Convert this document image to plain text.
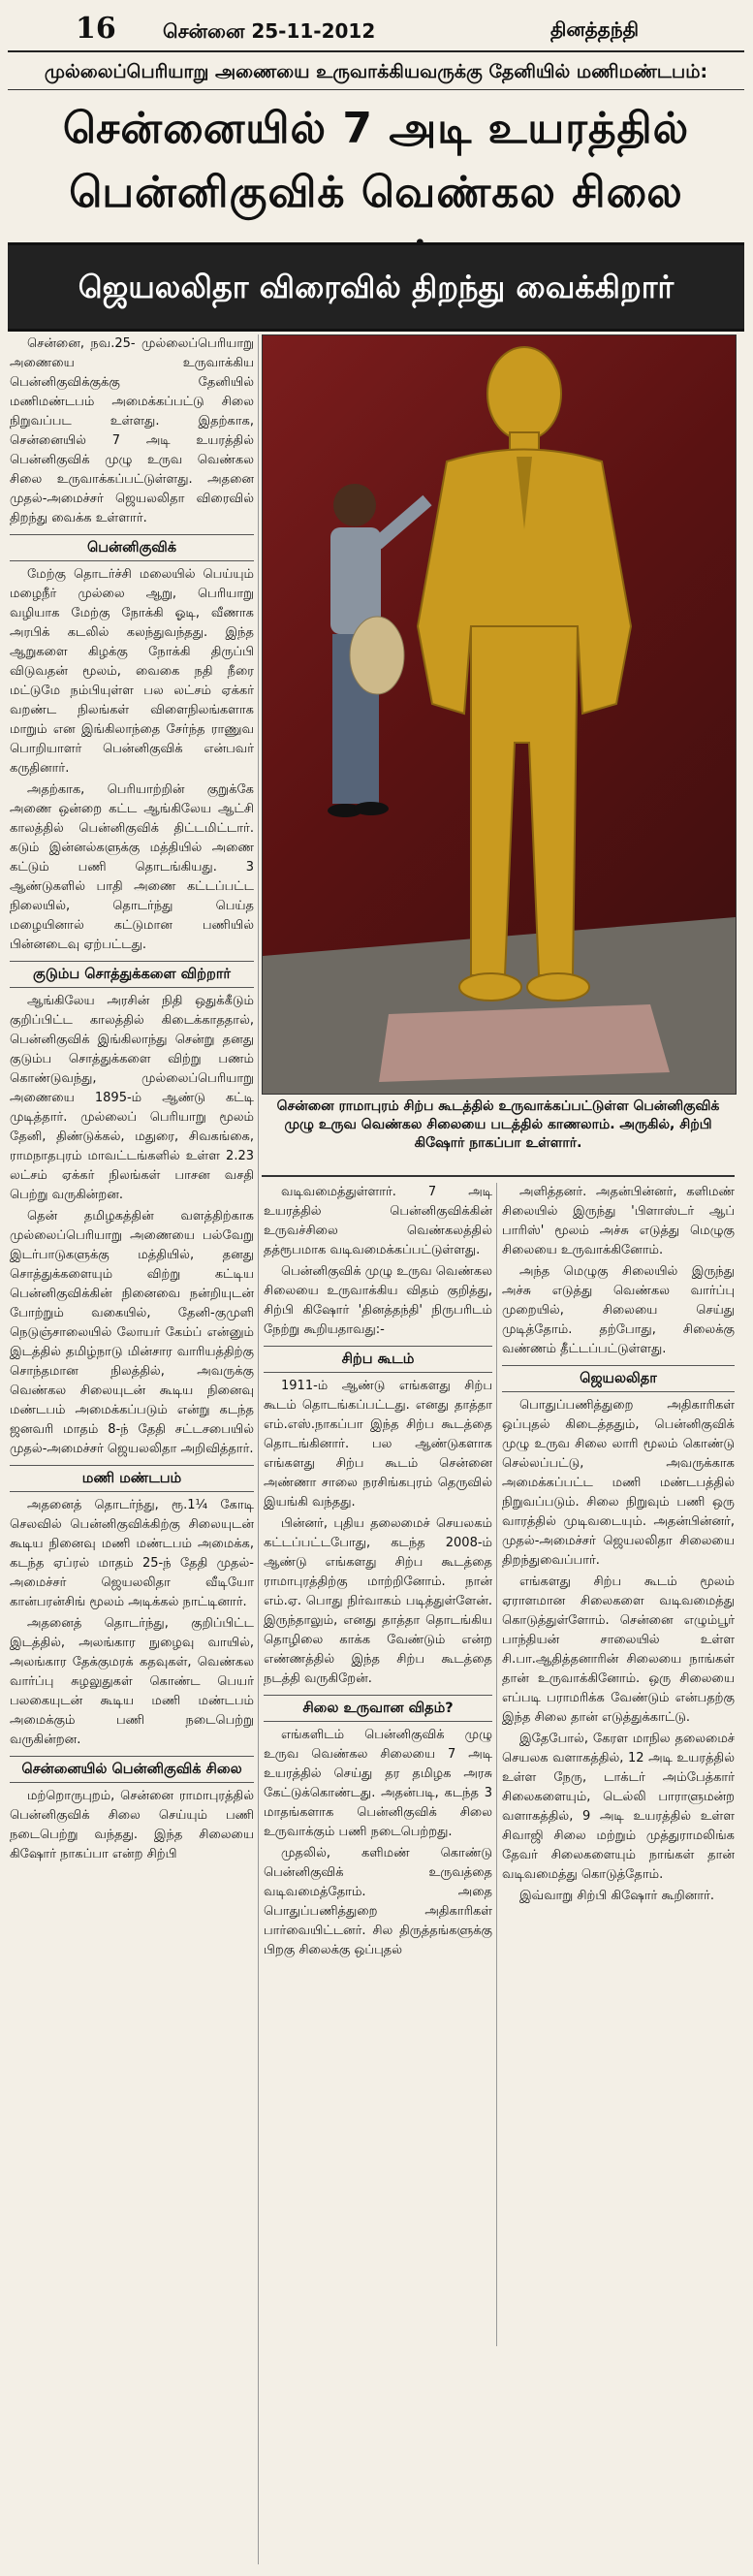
16 சென்னை 25-11-2012	தினத்தந்தி
முல்லைப்பெரியாறு அணையை உருவாக்கியவருக்கு தேனியில் மணிமண்டபம்:
சென்னையில் 7 அடி உயரத்தில்
பென்னிகுவிக் வெண்கல சிலை
ஜெயலலிதா விரைவில் திறந்து வைக்கிறார்
சென்னை ராமாபுரம் சிற்ப கூடத்தில் உருவாக்கப்பட்டுள்ள பென்னிகுவிக் முழு உருவ வெண்கல சிலையை படத்தில் காணலாம். அருகில், சிற்பி கிஷோர் நாகப்பா உள்ளார்.

சென்னை, நவ.25- முல்லைப்பெரியாறு அணையை உருவாக்கிய பென்னிகுவிக்குக்கு தேனியில் மணிமண்டபம் அமைக்கப்பட்டு சிலை நிறுவப்பட உள்ளது. இதற்காக, சென்னையில் 7 அடி உயரத்தில் பென்னிகுவிக் முழு உருவ வெண்கல சிலை உருவாக்கப்பட்டுள்ளது. அதனை முதல்-அமைச்சர் ஜெயலலிதா விரைவில் திறந்து வைக்க உள்ளார்.

பென்னிகுவிக்

மேற்கு தொடர்ச்சி மலையில் பெய்யும் மழைநீர் முல்லை ஆறு, பெரியாறு வழியாக மேற்கு நோக்கி ஓடி, வீணாக அரபிக் கடலில் கலந்துவந்தது. இந்த ஆறுகளை கிழக்கு நோக்கி திருப்பி விடுவதன் மூலம், வைகை நதி நீரை மட்டுமே நம்பியுள்ள பல லட்சம் ஏக்கர் வறண்ட நிலங்கள் விளைநிலங்களாக மாறும் என இங்கிலாந்தை சேர்ந்த ராணுவ பொறியாளர் பென்னிகுவிக் என்பவர் கருதினார்.

அதற்காக, பெரியாற்றின் குறுக்கே அணை ஒன்றை கட்ட ஆங்கிலேய ஆட்சி காலத்தில் பென்னிகுவிக் திட்டமிட்டார். கடும் இன்னல்களுக்கு மத்தியில் அணை கட்டும் பணி தொடங்கியது. 3 ஆண்டுகளில் பாதி அணை கட்டப்பட்ட நிலையில், தொடர்ந்து பெய்த மழையினால் கட்டுமான பணியில் பின்னடைவு ஏற்பட்டது.

குடும்ப சொத்துக்களை விற்றார்

ஆங்கிலேய அரசின் நிதி ஒதுக்கீடும் குறிப்பிட்ட காலத்தில் கிடைக்காததால், பென்னிகுவிக் இங்கிலாந்து சென்று தனது குடும்ப சொத்துக்களை விற்று பணம் கொண்டுவந்து, முல்லைப்பெரியாறு அணையை 1895-ம் ஆண்டு கட்டி முடித்தார். முல்லைப் பெரியாறு மூலம் தேனி, திண்டுக்கல், மதுரை, சிவகங்கை, ராமநாதபுரம் மாவட்டங்களில் உள்ள 2.23 லட்சம் ஏக்கர் நிலங்கள் பாசன வசதி பெற்று வருகின்றன.

தென் தமிழகத்தின் வளத்திற்காக முல்லைப்பெரியாறு அணையை பல்வேறு இடர்பாடுகளுக்கு மத்தியில், தனது சொத்துக்களையும் விற்று கட்டிய பென்னிகுவிக்கின் நினைவை நன்றியுடன் போற்றும் வகையில், தேனி-குமுளி நெடுஞ்சாலையில் லோயர் கேம்ப் என்னும் இடத்தில் தமிழ்நாடு மின்சார வாரியத்திற்கு சொந்தமான நிலத்தில், அவருக்கு வெண்கல சிலையுடன் கூடிய நினைவு மண்டபம் அமைக்கப்படும் என்று கடந்த ஜனவரி மாதம் 8-ந் தேதி சட்டசபையில் முதல்-அமைச்சர் ஜெயலலிதா அறிவித்தார்.

மணி மண்டபம்

அதனைத் தொடர்ந்து, ரூ.1¼ கோடி செலவில் பென்னிகுவிக்கிற்கு சிலையுடன் கூடிய நினைவு மணி மண்டபம் அமைக்க, கடந்த ஏப்ரல் மாதம் 25-ந் தேதி முதல்-அமைச்சர் ஜெயலலிதா வீடியோ கான்பரன்சிங் மூலம் அடிக்கல் நாட்டினார்.

அதனைத் தொடர்ந்து, குறிப்பிட்ட இடத்தில், அலங்கார நுழைவு வாயில், அலங்கார தேக்குமரக் கதவுகள், வெண்கல வார்ப்பு சுழலுதுகள் கொண்ட பெயர் பலகையுடன் கூடிய மணி மண்டபம் அமைக்கும் பணி நடைபெற்று வருகின்றன.

சென்னையில் பென்னிகுவிக் சிலை

மற்றொருபுறம், சென்னை ராமாபுரத்தில் பென்னிகுவிக் சிலை செய்யும் பணி நடைபெற்று வந்தது. இந்த சிலையை கிஷோர் நாகப்பா என்ற சிற்பி

வடிவமைத்துள்ளார். 7 அடி உயரத்தில் பென்னிகுவிக்கின் உருவச்சிலை வெண்கலத்தில் தத்ரூபமாக வடிவமைக்கப்பட்டுள்ளது.

பென்னிகுவிக் முழு உருவ வெண்கல சிலையை உருவாக்கிய விதம் குறித்து, சிற்பி கிஷோர் 'தினத்தந்தி' நிருபரிடம் நேற்று கூறியதாவது:-

சிற்ப கூடம்

1911-ம் ஆண்டு எங்களது சிற்ப கூடம் தொடங்கப்பட்டது. எனது தாத்தா எம்.எஸ்.நாகப்பா இந்த சிற்ப கூடத்தை தொடங்கினார். பல ஆண்டுகளாக எங்களது சிற்ப கூடம் சென்னை அண்ணா சாலை நரசிங்கபுரம் தெருவில் இயங்கி வந்தது.

பின்னர், புதிய தலைமைச் செயலகம் கட்டப்பட்டபோது, கடந்த 2008-ம் ஆண்டு எங்களது சிற்ப கூடத்தை ராமாபுரத்திற்கு மாற்றினோம். நான் எம்.ஏ. பொது நிர்வாகம் படித்துள்ளேன். இருந்தாலும், எனது தாத்தா தொடங்கிய தொழிலை காக்க வேண்டும் என்ற எண்ணத்தில் இந்த சிற்ப கூடத்தை நடத்தி வருகிறேன்.

சிலை உருவான விதம்?

எங்களிடம் பென்னிகுவிக் முழு உருவ வெண்கல சிலையை 7 அடி உயரத்தில் செய்து தர தமிழக அரசு கேட்டுக்கொண்டது. அதன்படி, கடந்த 3 மாதங்களாக பென்னிகுவிக் சிலை உருவாக்கும் பணி நடைபெற்றது.

முதலில், களிமண் கொண்டு பென்னிகுவிக் உருவத்தை வடிவமைத்தோம். அதை பொதுப்பணித்துறை அதிகாரிகள் பார்வையிட்டனர். சில திருத்தங்களுக்கு பிறகு சிலைக்கு ஒப்புதல்

அளித்தனர். அதன்பின்னர், களிமண் சிலையில் இருந்து 'பிளாஸ்டர் ஆப் பாரிஸ்' மூலம் அச்சு எடுத்து மெழுகு சிலையை உருவாக்கினோம்.

அந்த மெழுகு சிலையில் இருந்து அச்சு எடுத்து வெண்கல வார்ப்பு முறையில், சிலையை செய்து முடித்தோம். தற்போது, சிலைக்கு வண்ணம் தீட்டப்பட்டுள்ளது.

ஜெயலலிதா

பொதுப்பணித்துறை அதிகாரிகள் ஒப்புதல் கிடைத்ததும், பென்னிகுவிக் முழு உருவ சிலை லாரி மூலம் கொண்டு செல்லப்பட்டு, அவருக்காக அமைக்கப்பட்ட மணி மண்டபத்தில் நிறுவப்படும். சிலை நிறுவும் பணி ஒரு வாரத்தில் முடிவடையும். அதன்பின்னர், முதல்-அமைச்சர் ஜெயலலிதா சிலையை திறந்துவைப்பார்.

எங்களது சிற்ப கூடம் மூலம் ஏராளமான சிலைகளை வடிவமைத்து கொடுத்துள்ளோம். சென்னை எழும்பூர் பாந்தியன் சாலையில் உள்ள சி.பா.ஆதித்தனாரின் சிலையை நாங்கள் தான் உருவாக்கினோம். ஒரு சிலையை எப்படி பராமரிக்க வேண்டும் என்பதற்கு இந்த சிலை தான் எடுத்துக்காட்டு.

இதேபோல், கேரள மாநில தலைமைச் செயலக வளாகத்தில், 12 அடி உயரத்தில் உள்ள நேரு, டாக்டர் அம்பேத்கார் சிலைகளையும், டெல்லி பாராளுமன்ற வளாகத்தில், 9 அடி உயரத்தில் உள்ள சிவாஜி சிலை மற்றும் முத்துராமலிங்க தேவர் சிலைகளையும் நாங்கள் தான் வடிவமைத்து கொடுத்தோம்.

இவ்வாறு சிற்பி கிஷோர் கூறினார்.
